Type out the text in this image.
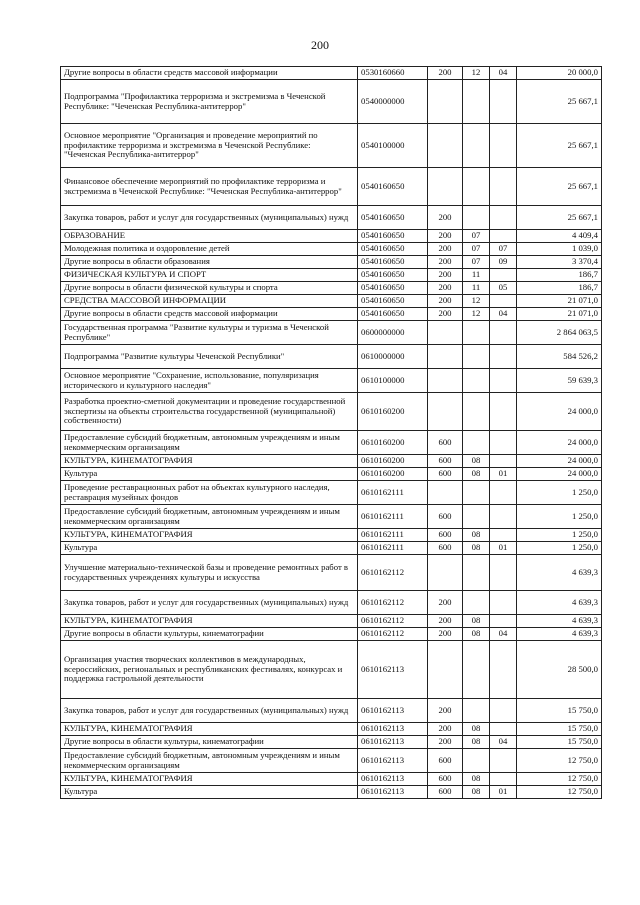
200
Другие вопросы в области средств массовой информации	0530160660	200	12	04	20 000,0
Подпрограмма "Профилактика терроризма и экстремизма в Чеченской Республике: "Чеченская Республика-антитеррор"	0540000000				25 667,1
Основное мероприятие "Организация и проведение мероприятий по профилактике терроризма и экстремизма в Чеченской Республике: "Чеченская Республика-антитеррор"	0540100000				25 667,1
Финансовое обеспечение мероприятий по профилактике терроризма и экстремизма в Чеченской Республике: "Чеченская Республика-антитеррор"	0540160650				25 667,1
Закупка товаров, работ и услуг для государственных (муниципальных) нужд	0540160650	200			25 667,1
ОБРАЗОВАНИЕ	0540160650	200	07		4 409,4
Молодежная политика и оздоровление детей	0540160650	200	07	07	1 039,0
Другие вопросы в области образования	0540160650	200	07	09	3 370,4
ФИЗИЧЕСКАЯ КУЛЬТУРА И СПОРТ	0540160650	200	11		186,7
Другие вопросы в области физической культуры и спорта	0540160650	200	11	05	186,7
СРЕДСТВА МАССОВОЙ ИНФОРМАЦИИ	0540160650	200	12		21 071,0
Другие вопросы в области средств массовой информации	0540160650	200	12	04	21 071,0
Государственная программа "Развитие культуры и туризма в Чеченской Республике"	0600000000				2 864 063,5
Подпрограмма "Развитие культуры Чеченской Республики"	0610000000				584 526,2
Основное мероприятие "Сохранение, использование, популяризация исторического и культурного наследия"	0610100000				59 639,3
Разработка проектно-сметной документации и проведение государственной экспертизы на объекты строительства государственной (муниципальной) собственности)	0610160200				24 000,0
Предоставление субсидий бюджетным, автономным учреждениям и иным некоммерческим организациям	0610160200	600			24 000,0
КУЛЬТУРА, КИНЕМАТОГРАФИЯ	0610160200	600	08		24 000,0
Культура	0610160200	600	08	01	24 000,0
Проведение реставрационных работ на объектах культурного наследия, реставрация музейных фондов	0610162111				1 250,0
Предоставление субсидий бюджетным, автономным учреждениям и иным некоммерческим организациям	0610162111	600			1 250,0
КУЛЬТУРА, КИНЕМАТОГРАФИЯ	0610162111	600	08		1 250,0
Культура	0610162111	600	08	01	1 250,0
Улучшение материально-технической базы и проведение ремонтных работ в государственных учреждениях культуры и искусства	0610162112				4 639,3
Закупка товаров, работ и услуг для государственных (муниципальных) нужд	0610162112	200			4 639,3
КУЛЬТУРА, КИНЕМАТОГРАФИЯ	0610162112	200	08		4 639,3
Другие вопросы в области культуры, кинематографии	0610162112	200	08	04	4 639,3
Организация участия творческих коллективов в международных, всероссийских, региональных и республиканских фестивалях, конкурсах и поддержка гастрольной деятельности	0610162113				28 500,0
Закупка товаров, работ и услуг для государственных (муниципальных) нужд	0610162113	200			15 750,0
КУЛЬТУРА, КИНЕМАТОГРАФИЯ	0610162113	200	08		15 750,0
Другие вопросы в области культуры, кинематографии	0610162113	200	08	04	15 750,0
Предоставление субсидий бюджетным, автономным учреждениям и иным некоммерческим организациям	0610162113	600			12 750,0
КУЛЬТУРА, КИНЕМАТОГРАФИЯ	0610162113	600	08		12 750,0
Культура	0610162113	600	08	01	12 750,0
